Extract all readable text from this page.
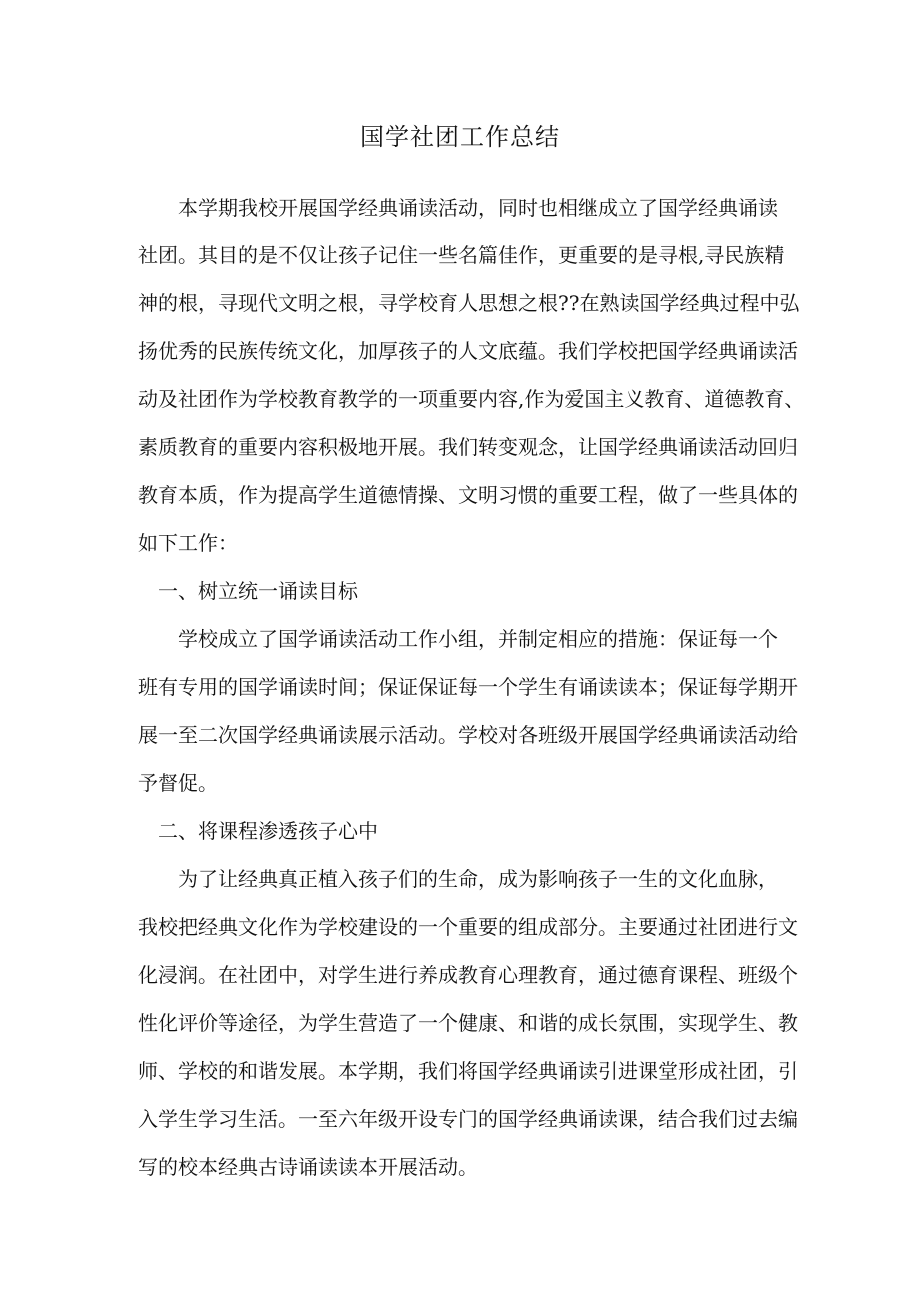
国学社团工作总结
本学期我校开展国学经典诵读活动，同时也相继成立了国学经典诵读
社团。其目的是不仅让孩子记住一些名篇佳作，更重要的是寻根,寻民族精
神的根，寻现代文明之根，寻学校育人思想之根??在熟读国学经典过程中弘
扬优秀的民族传统文化，加厚孩子的人文底蕴。我们学校把国学经典诵读活
动及社团作为学校教育教学的一项重要内容,作为爱国主义教育、道德教育、
素质教育的重要内容积极地开展。我们转变观念，让国学经典诵读活动回归
教育本质，作为提高学生道德情操、文明习惯的重要工程，做了一些具体的
如下工作：
一、树立统一诵读目标
学校成立了国学诵读活动工作小组，并制定相应的措施：保证每一个
班有专用的国学诵读时间；保证保证每一个学生有诵读读本；保证每学期开
展一至二次国学经典诵读展示活动。学校对各班级开展国学经典诵读活动给
予督促。
二、将课程渗透孩子心中
为了让经典真正植入孩子们的生命，成为影响孩子一生的文化血脉，
我校把经典文化作为学校建设的一个重要的组成部分。主要通过社团进行文
化浸润。在社团中，对学生进行养成教育心理教育，通过德育课程、班级个
性化评价等途径，为学生营造了一个健康、和谐的成长氛围，实现学生、教
师、学校的和谐发展。本学期，我们将国学经典诵读引进课堂形成社团，引
入学生学习生活。一至六年级开设专门的国学经典诵读课，结合我们过去编
写的校本经典古诗诵读读本开展活动。
